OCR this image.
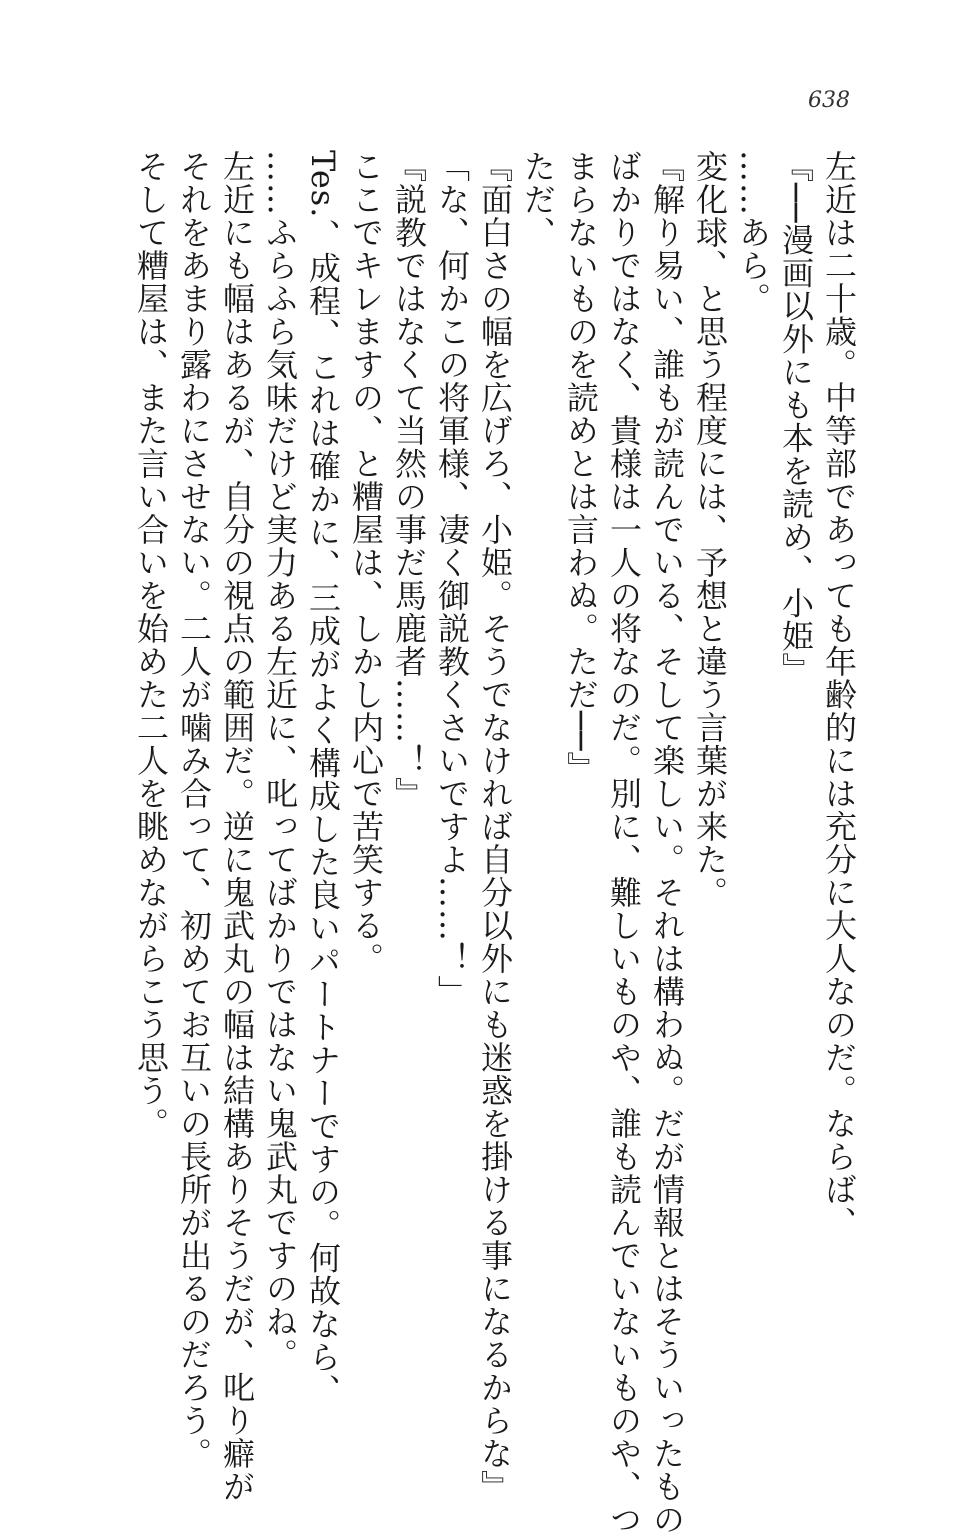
638

左近は二十歳。中等部であっても年齢的には充分に大人なのだ。ならば、

『──漫画以外にも本を読め、小姫』

……あら。

変化球、と思う程度には、予想と違う言葉が来た。

『解り易い、誰もが読んでいる、そして楽しい。それは構わぬ。だが情報とはそういったもの

ばかりではなく、貴様は一人の将なのだ。別に、難しいものや、誰も読んでいないものや、つ

まらないものを読めとは言わぬ。ただ──』

ただ、

『面白さの幅を広げろ、小姫。そうでなければ自分以外にも迷惑を掛ける事になるからな』

「な、何かこの将軍様、凄く御説教くさいですよ……！」

『説教ではなくて当然の事だ馬鹿者……！』

ここでキレますの、と糟屋は、しかし内心で苦笑する。

Tes.、成程、これは確かに、三成がよく構成した良いパートナーですの。何故なら、

……ふらふら気味だけど実力ある左近に、叱ってばかりではない鬼武丸ですのね。

左近にも幅はあるが、自分の視点の範囲だ。逆に鬼武丸の幅は結構ありそうだが、叱り癖が

それをあまり露わにさせない。二人が噛み合って、初めてお互いの長所が出るのだろう。

そして糟屋は、また言い合いを始めた二人を眺めながらこう思う。
